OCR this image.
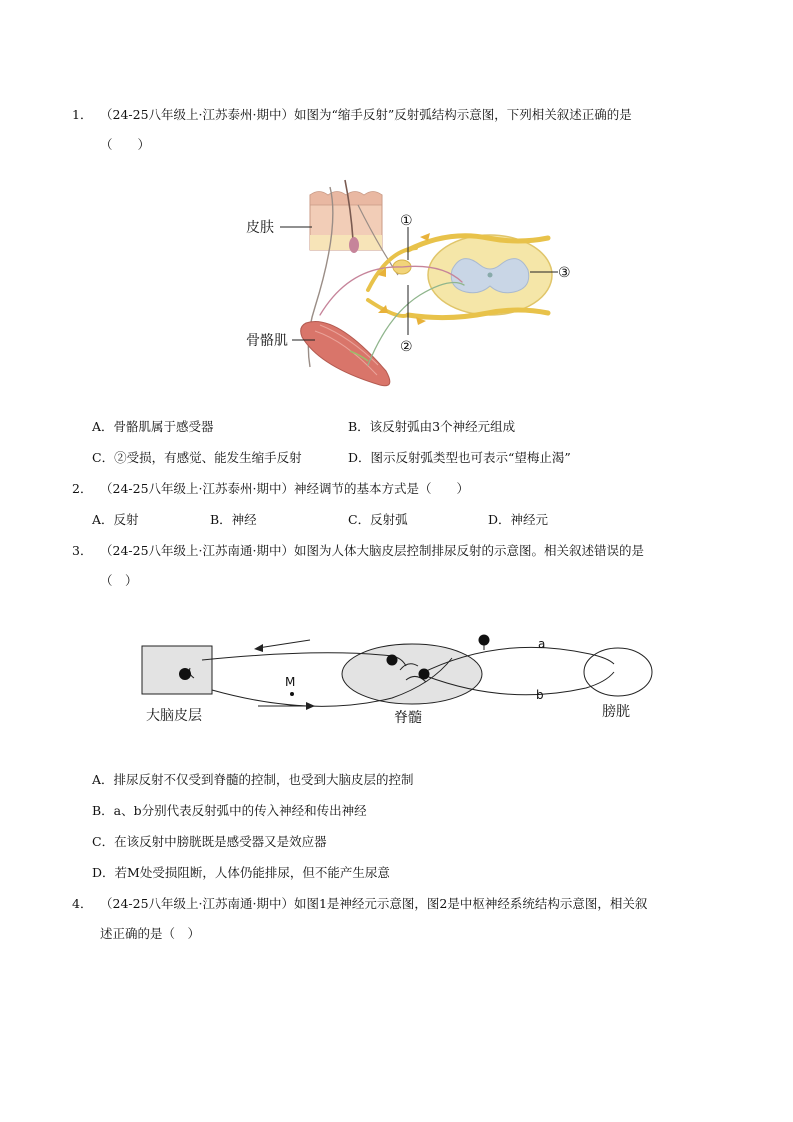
1． （24-25八年级上·江苏泰州·期中）如图为“缩手反射”反射弧结构示意图，下列相关叙述正确的是
（　　）
皮肤
骨骼肌
①
②
③
A．骨骼肌属于感受器	B．该反射弧由3个神经元组成
C．②受损，有感觉、能发生缩手反射	D．图示反射弧类型也可表示“望梅止渴”
2． （24-25八年级上·江苏泰州·期中）神经调节的基本方式是（　　）
A．反射	B．神经	C．反射弧	D．神经元
3． （24-25八年级上·江苏南通·期中）如图为人体大脑皮层控制排尿反射的示意图。相关叙述错误的是
（　）
M
a
b
大脑皮层	脊髓	膀胱
A．排尿反射不仅受到脊髓的控制，也受到大脑皮层的控制
B．a、b分别代表反射弧中的传入神经和传出神经
C．在该反射中膀胱既是感受器又是效应器
D．若M处受损阻断，人体仍能排尿，但不能产生尿意
4． （24-25八年级上·江苏南通·期中）如图1是神经元示意图，图2是中枢神经系统结构示意图，相关叙
述正确的是（　）
